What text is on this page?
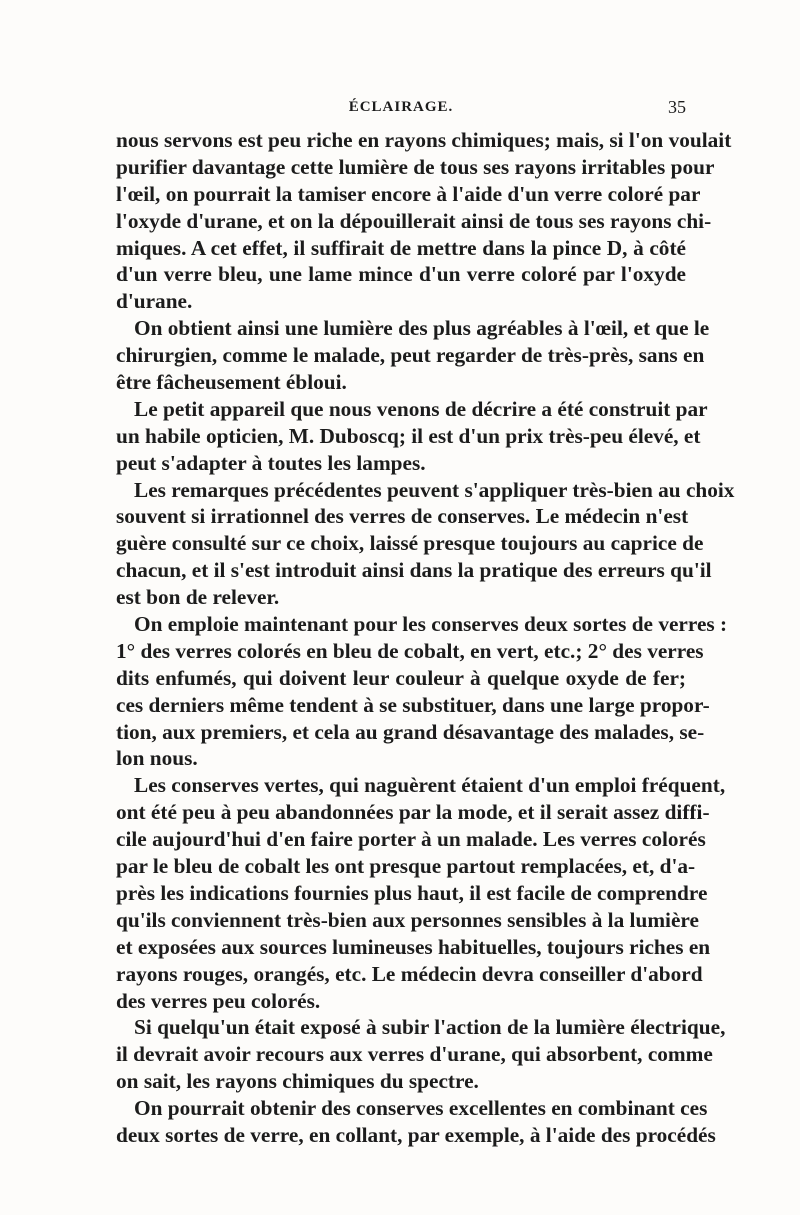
ÉCLAIRAGE.	35
nous servons est peu riche en rayons chimiques; mais, si l'on voulait
purifier davantage cette lumière de tous ses rayons irritables pour
l'œil, on pourrait la tamiser encore à l'aide d'un verre coloré par
l'oxyde d'urane, et on la dépouillerait ainsi de tous ses rayons chi-
miques. A cet effet, il suffirait de mettre dans la pince D, à côté
d'un verre bleu, une lame mince d'un verre coloré par l'oxyde
d'urane.
On obtient ainsi une lumière des plus agréables à l'œil, et que le
chirurgien, comme le malade, peut regarder de très-près, sans en
être fâcheusement ébloui.
Le petit appareil que nous venons de décrire a été construit par
un habile opticien, M. Duboscq; il est d'un prix très-peu élevé, et
peut s'adapter à toutes les lampes.
Les remarques précédentes peuvent s'appliquer très-bien au choix
souvent si irrationnel des verres de conserves. Le médecin n'est
guère consulté sur ce choix, laissé presque toujours au caprice de
chacun, et il s'est introduit ainsi dans la pratique des erreurs qu'il
est bon de relever.
On emploie maintenant pour les conserves deux sortes de verres :
1° des verres colorés en bleu de cobalt, en vert, etc.; 2° des verres
dits enfumés, qui doivent leur couleur à quelque oxyde de fer;
ces derniers même tendent à se substituer, dans une large propor-
tion, aux premiers, et cela au grand désavantage des malades, se-
lon nous.
Les conserves vertes, qui naguèrent étaient d'un emploi fréquent,
ont été peu à peu abandonnées par la mode, et il serait assez diffi-
cile aujourd'hui d'en faire porter à un malade. Les verres colorés
par le bleu de cobalt les ont presque partout remplacées, et, d'a-
près les indications fournies plus haut, il est facile de comprendre
qu'ils conviennent très-bien aux personnes sensibles à la lumière
et exposées aux sources lumineuses habituelles, toujours riches en
rayons rouges, orangés, etc. Le médecin devra conseiller d'abord
des verres peu colorés.
Si quelqu'un était exposé à subir l'action de la lumière électrique,
il devrait avoir recours aux verres d'urane, qui absorbent, comme
on sait, les rayons chimiques du spectre.
On pourrait obtenir des conserves excellentes en combinant ces
deux sortes de verre, en collant, par exemple, à l'aide des procédés
